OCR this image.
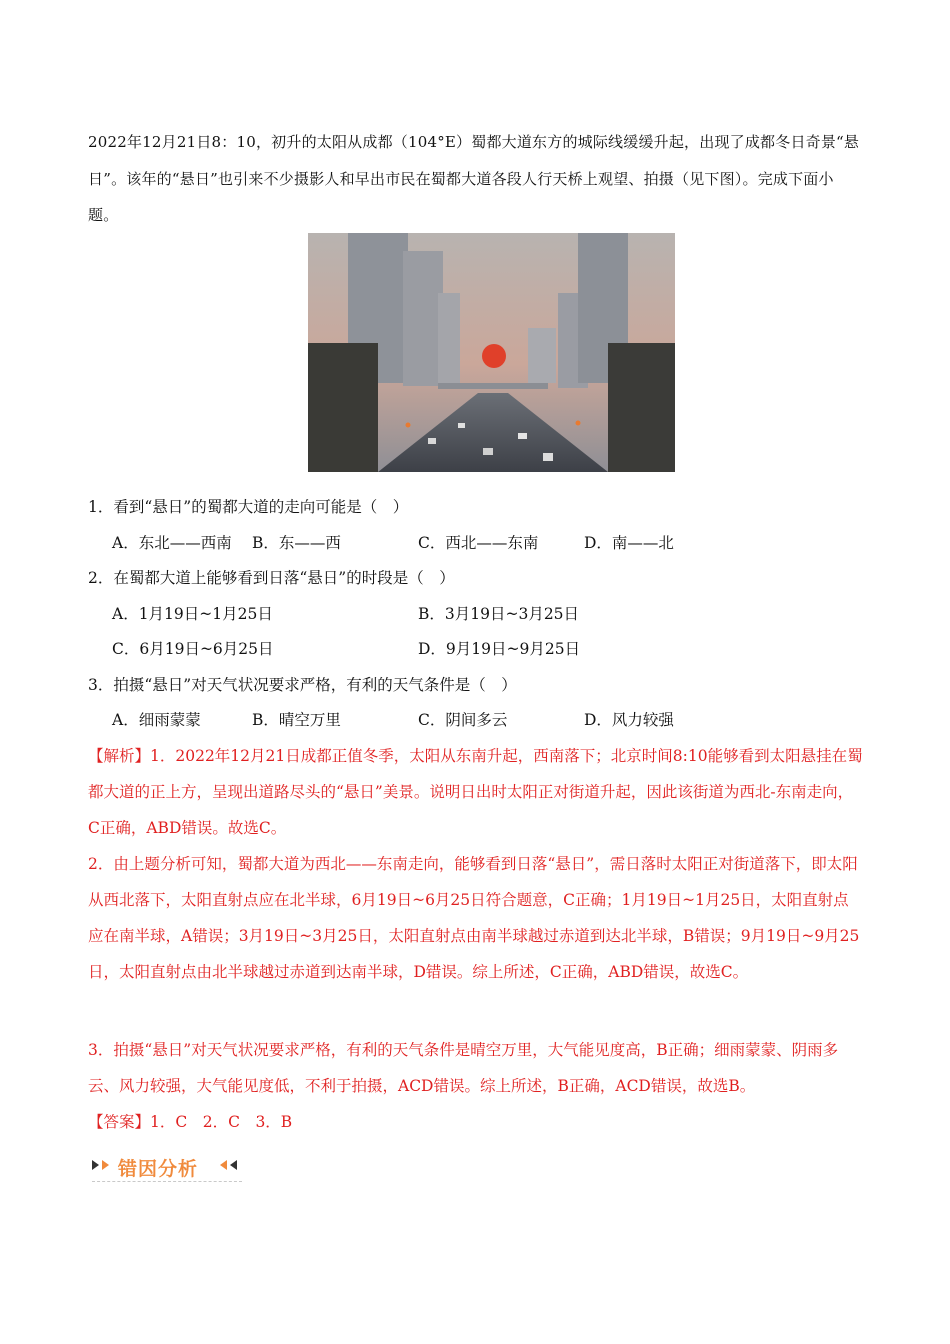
2022年12月21日8：10，初升的太阳从成都（104°E）蜀都大道东方的城际线缓缓升起，出现了成都冬日奇景“悬日”。该年的“悬日”也引来不少摄影人和早出市民在蜀都大道各段人行天桥上观望、拍摄（见下图）。完成下面小题。
1．看到“悬日”的蜀都大道的走向可能是（　）
A．东北——西南 B．东——西	C．西北——东南	D．南——北
2．在蜀都大道上能够看到日落“悬日”的时段是（　）
A．1月19日~1月25日	B．3月19日~3月25日
C．6月19日~6月25日	D．9月19日~9月25日
3．拍摄“悬日”对天气状况要求严格，有利的天气条件是（　）
A．细雨蒙蒙	B．晴空万里	C．阴间多云	D．风力较强
【解析】1．2022年12月21日成都正值冬季，太阳从东南升起，西南落下；北京时间8:10能够看到太阳悬挂在蜀都大道的正上方，呈现出道路尽头的“悬日”美景。说明日出时太阳正对街道升起，因此该街道为西北-东南走向，C正确，ABD错误。故选C。
2．由上题分析可知，蜀都大道为西北——东南走向，能够看到日落“悬日”，需日落时太阳正对街道落下，即太阳从西北落下，太阳直射点应在北半球，6月19日~6月25日符合题意，C正确；1月19日~1月25日，太阳直射点应在南半球，A错误；3月19日~3月25日，太阳直射点由南半球越过赤道到达北半球，B错误；9月19日~9月25日，太阳直射点由北半球越过赤道到达南半球，D错误。综上所述，C正确，ABD错误，故选C。
3．拍摄“悬日”对天气状况要求严格，有利的天气条件是晴空万里，大气能见度高，B正确；细雨蒙蒙、阴雨多云、风力较强，大气能见度低，不利于拍摄，ACD错误。综上所述，B正确，ACD错误，故选B。
【答案】1．C　2．C　3．B
错因分析
